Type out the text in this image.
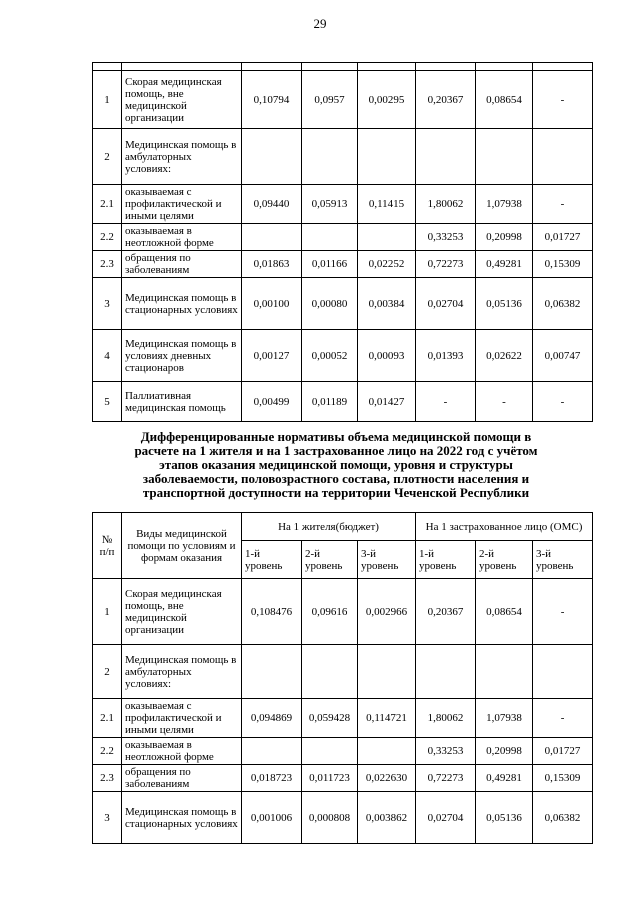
29

1	Скорая медицинская помощь, вне медицинской организации	0,10794	0,0957	0,00295	0,20367	0,08654	-
2	Медицинская помощь в амбулаторных условиях:						
2.1	оказываемая с профилактической и иными целями	0,09440	0,05913	0,11415	1,80062	1,07938	-
2.2	оказываемая в неотложной форме				0,33253	0,20998	0,01727
2.3	обращения по заболеваниям	0,01863	0,01166	0,02252	0,72273	0,49281	0,15309
3	Медицинская помощь в стационарных условиях	0,00100	0,00080	0,00384	0,02704	0,05136	0,06382
4	Медицинская помощь в условиях дневных стационаров	0,00127	0,00052	0,00093	0,01393	0,02622	0,00747
5	Паллиативная медицинская помощь	0,00499	0,01189	0,01427	-	-	-
Дифференцированные нормативы объема медицинской помощи в
расчете на 1 жителя и на 1 застрахованное лицо на 2022 год с учётом
этапов оказания медицинской помощи, уровня и структуры
заболеваемости, половозрастного состава, плотности населения и
транспортной доступности на территории Чеченской Республики
№ п/п	Виды медицинской помощи по условиям и формам оказания	На 1 жителя(бюджет)			На 1 застрахованное лицо (ОМС)		
		1-й уровень	2-й уровень	3-й уровень	1-й уровень	2-й уровень	3-й уровень
1	Скорая медицинская помощь, вне медицинской организации	0,108476	0,09616	0,002966	0,20367	0,08654	-
2	Медицинская помощь в амбулаторных условиях:						
2.1	оказываемая с профилактической и иными целями	0,094869	0,059428	0,114721	1,80062	1,07938	-
2.2	оказываемая в неотложной форме				0,33253	0,20998	0,01727
2.3	обращения по заболеваниям	0,018723	0,011723	0,022630	0,72273	0,49281	0,15309
3	Медицинская помощь в стационарных условиях	0,001006	0,000808	0,003862	0,02704	0,05136	0,06382
